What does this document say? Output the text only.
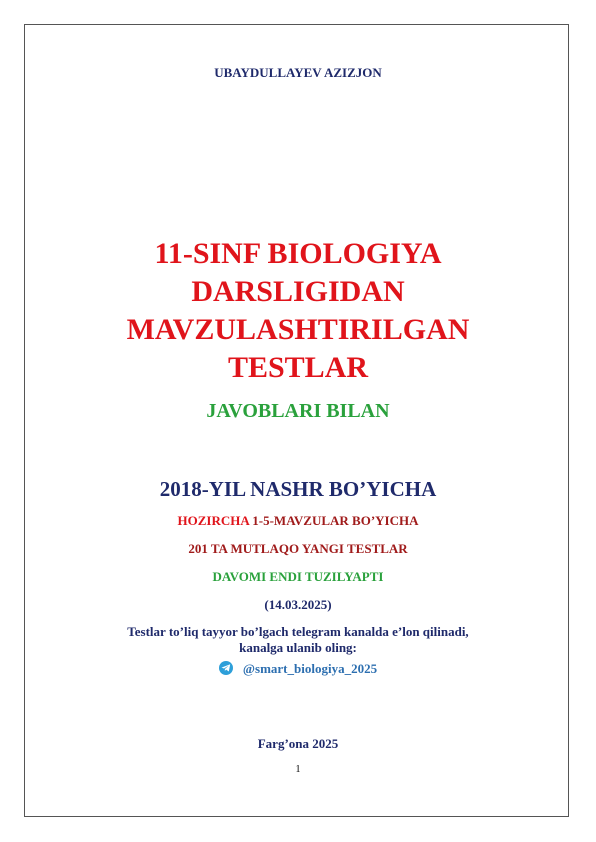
UBAYDULLAYEV AZIZJON
11-SINF BIOLOGIYA
DARSLIGIDAN
MAVZULASHTIRILGAN
TESTLAR
JAVOBLARI BILAN
2018-YIL NASHR BO’YICHA
HOZIRCHA 1-5-MAVZULAR BO’YICHA
201 TA MUTLAQO YANGI TESTLAR
DAVOMI ENDI TUZILYAPTI
(14.03.2025)
Testlar to’liq tayyor bo’lgach telegram kanalda e’lon qilinadi,
kanalga ulanib oling:
@smart_biologiya_2025
Farg’ona 2025
1
